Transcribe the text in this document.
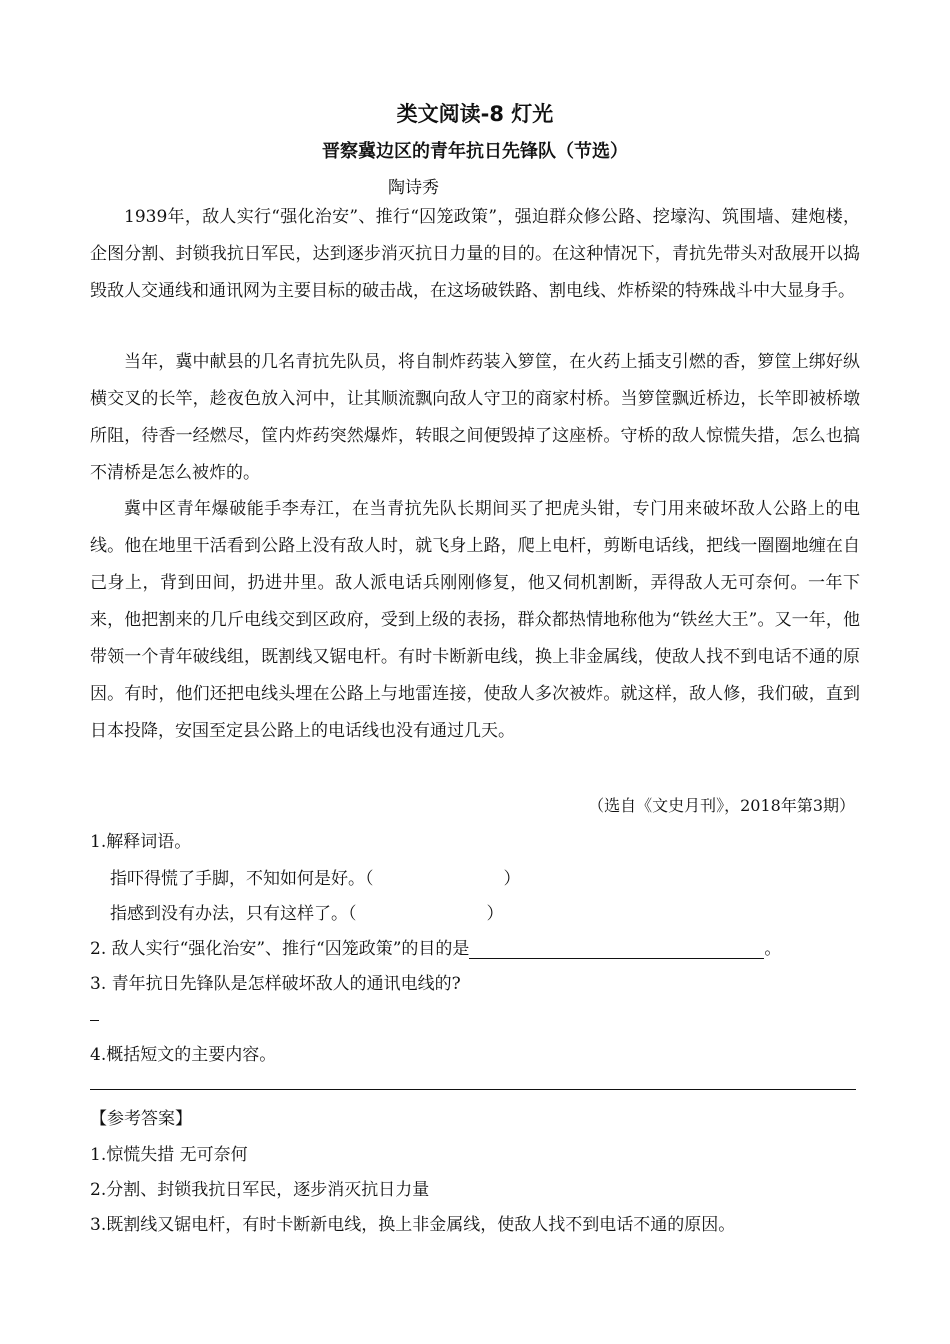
类文阅读-8 灯光
晋察冀边区的青年抗日先锋队（节选）
陶诗秀

1939年，敌人实行“强化治安”、推行“囚笼政策”，强迫群众修公路、挖壕沟、筑围墙、建炮楼，企图分割、封锁我抗日军民，达到逐步消灭抗日力量的目的。在这种情况下，青抗先带头对敌展开以捣毁敌人交通线和通讯网为主要目标的破击战，在这场破铁路、割电线、炸桥梁的特殊战斗中大显身手。

当年，冀中献县的几名青抗先队员，将自制炸药装入箩筐，在火药上插支引燃的香，箩筐上绑好纵横交叉的长竿，趁夜色放入河中，让其顺流飘向敌人守卫的商家村桥。当箩筐飘近桥边，长竿即被桥墩所阻，待香一经燃尽，筐内炸药突然爆炸，转眼之间便毁掉了这座桥。守桥的敌人惊慌失措，怎么也搞不清桥是怎么被炸的。

冀中区青年爆破能手李寿江，在当青抗先队长期间买了把虎头钳，专门用来破坏敌人公路上的电线。他在地里干活看到公路上没有敌人时，就飞身上路，爬上电杆，剪断电话线，把线一圈圈地缠在自己身上，背到田间，扔进井里。敌人派电话兵刚刚修复，他又伺机割断，弄得敌人无可奈何。一年下来，他把割来的几斤电线交到区政府，受到上级的表扬，群众都热情地称他为“铁丝大王”。又一年，他带领一个青年破线组，既割线又锯电杆。有时卡断新电线，换上非金属线，使敌人找不到电话不通的原因。有时，他们还把电线头埋在公路上与地雷连接，使敌人多次被炸。就这样，敌人修，我们破，直到日本投降，安国至定县公路上的电话线也没有通过几天。

（选自《文史月刊》，2018年第3期）
1.解释词语。
指吓得慌了手脚，不知如何是好。（	）
指感到没有办法，只有这样了。（	）
2. 敌人实行“强化治安”、推行“囚笼政策”的目的是	。
3. 青年抗日先锋队是怎样破坏敌人的通讯电线的?
4.概括短文的主要内容。
【参考答案】
1.惊慌失措 无可奈何
2.分割、封锁我抗日军民，逐步消灭抗日力量
3.既割线又锯电杆，有时卡断新电线，换上非金属线，使敌人找不到电话不通的原因。
